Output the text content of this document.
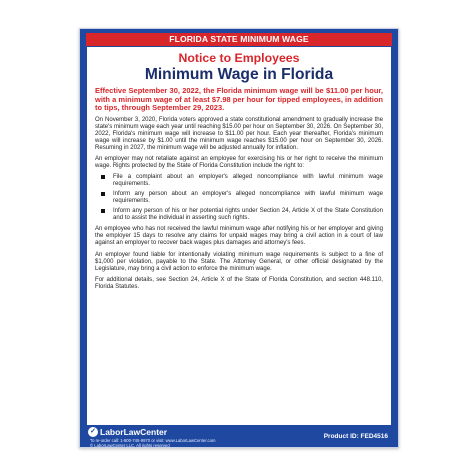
FLORIDA STATE MINIMUM WAGE
Notice to Employees
Minimum Wage in Florida
Effective September 30, 2022, the Florida minimum wage will be $11.00 per hour, with a minimum wage of at least $7.98 per hour for tipped employees, in addition to tips, through September 29, 2023.

On November 3, 2020, Florida voters approved a state constitutional amendment to gradually increase the state's minimum wage each year until reaching $15.00 per hour on September 30, 2026. On September 30, 2022, Florida's minimum wage will increase to $11.00 per hour. Each year thereafter, Florida's minimum wage will increase by $1.00 until the minimum wage reaches $15.00 per hour on September 30, 2026. Resuming in 2027, the minimum wage will be adjusted annually for inflation.

An employer may not retaliate against an employee for exercising his or her right to receive the minimum wage. Rights protected by the State of Florida Constitution include the right to:

File a complaint about an employer's alleged noncompliance with lawful minimum wage requirements.
Inform any person about an employer's alleged noncompliance with lawful minimum wage requirements.
Inform any person of his or her potential rights under Section 24, Article X of the State Constitution and to assist the individual in asserting such rights.

An employee who has not received the lawful minimum wage after notifying his or her employer and giving the employer 15 days to resolve any claims for unpaid wages may bring a civil action in a court of law against an employer to recover back wages plus damages and attorney's fees.

An employer found liable for intentionally violating minimum wage requirements is subject to a fine of $1,000 per violation, payable to the State. The Attorney General, or other official designated by the Legislature, may bring a civil action to enforce the minimum wage.

For additional details, see Section 24, Article X of the State of Florida Constitution, and section 448.110, Florida Statutes.

✓ LaborLawCenter
To re-order call: 1-800-745-9970 or visit: www.LaborLawCenter.com
© LaborLawCenter LLC. All rights reserved
Product ID: FED4516
